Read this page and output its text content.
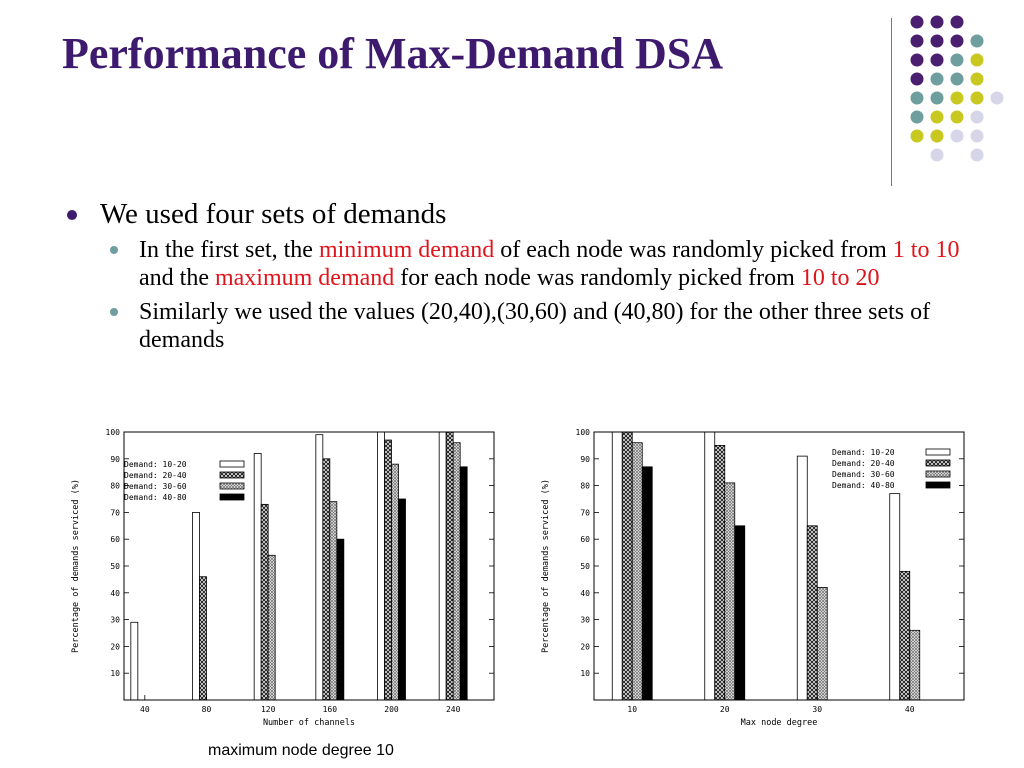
Performance of Max-Demand DSA

We used four sets of demands

In the first set, the minimum demand of each node was randomly picked from 1 to 10 and the maximum demand for each node was randomly picked from 10 to 20

Similarly we used the values (20,40),(30,60) and (40,80) for the other three sets of demands

10
20
30
40
50
60
70
80
90
100
40	80	120	160	200	240
Number of channels
Percentage of demands serviced (%)
Demand: 10-20
Demand: 20-40
Demand: 30-60
Demand: 40-80
10
20
30
40
50
60
70
80
90
100
10	20	30	40
Max node degree
Percentage of demands serviced (%)
Demand: 10-20
Demand: 20-40
Demand: 30-60
Demand: 40-80
maximum node degree 10
